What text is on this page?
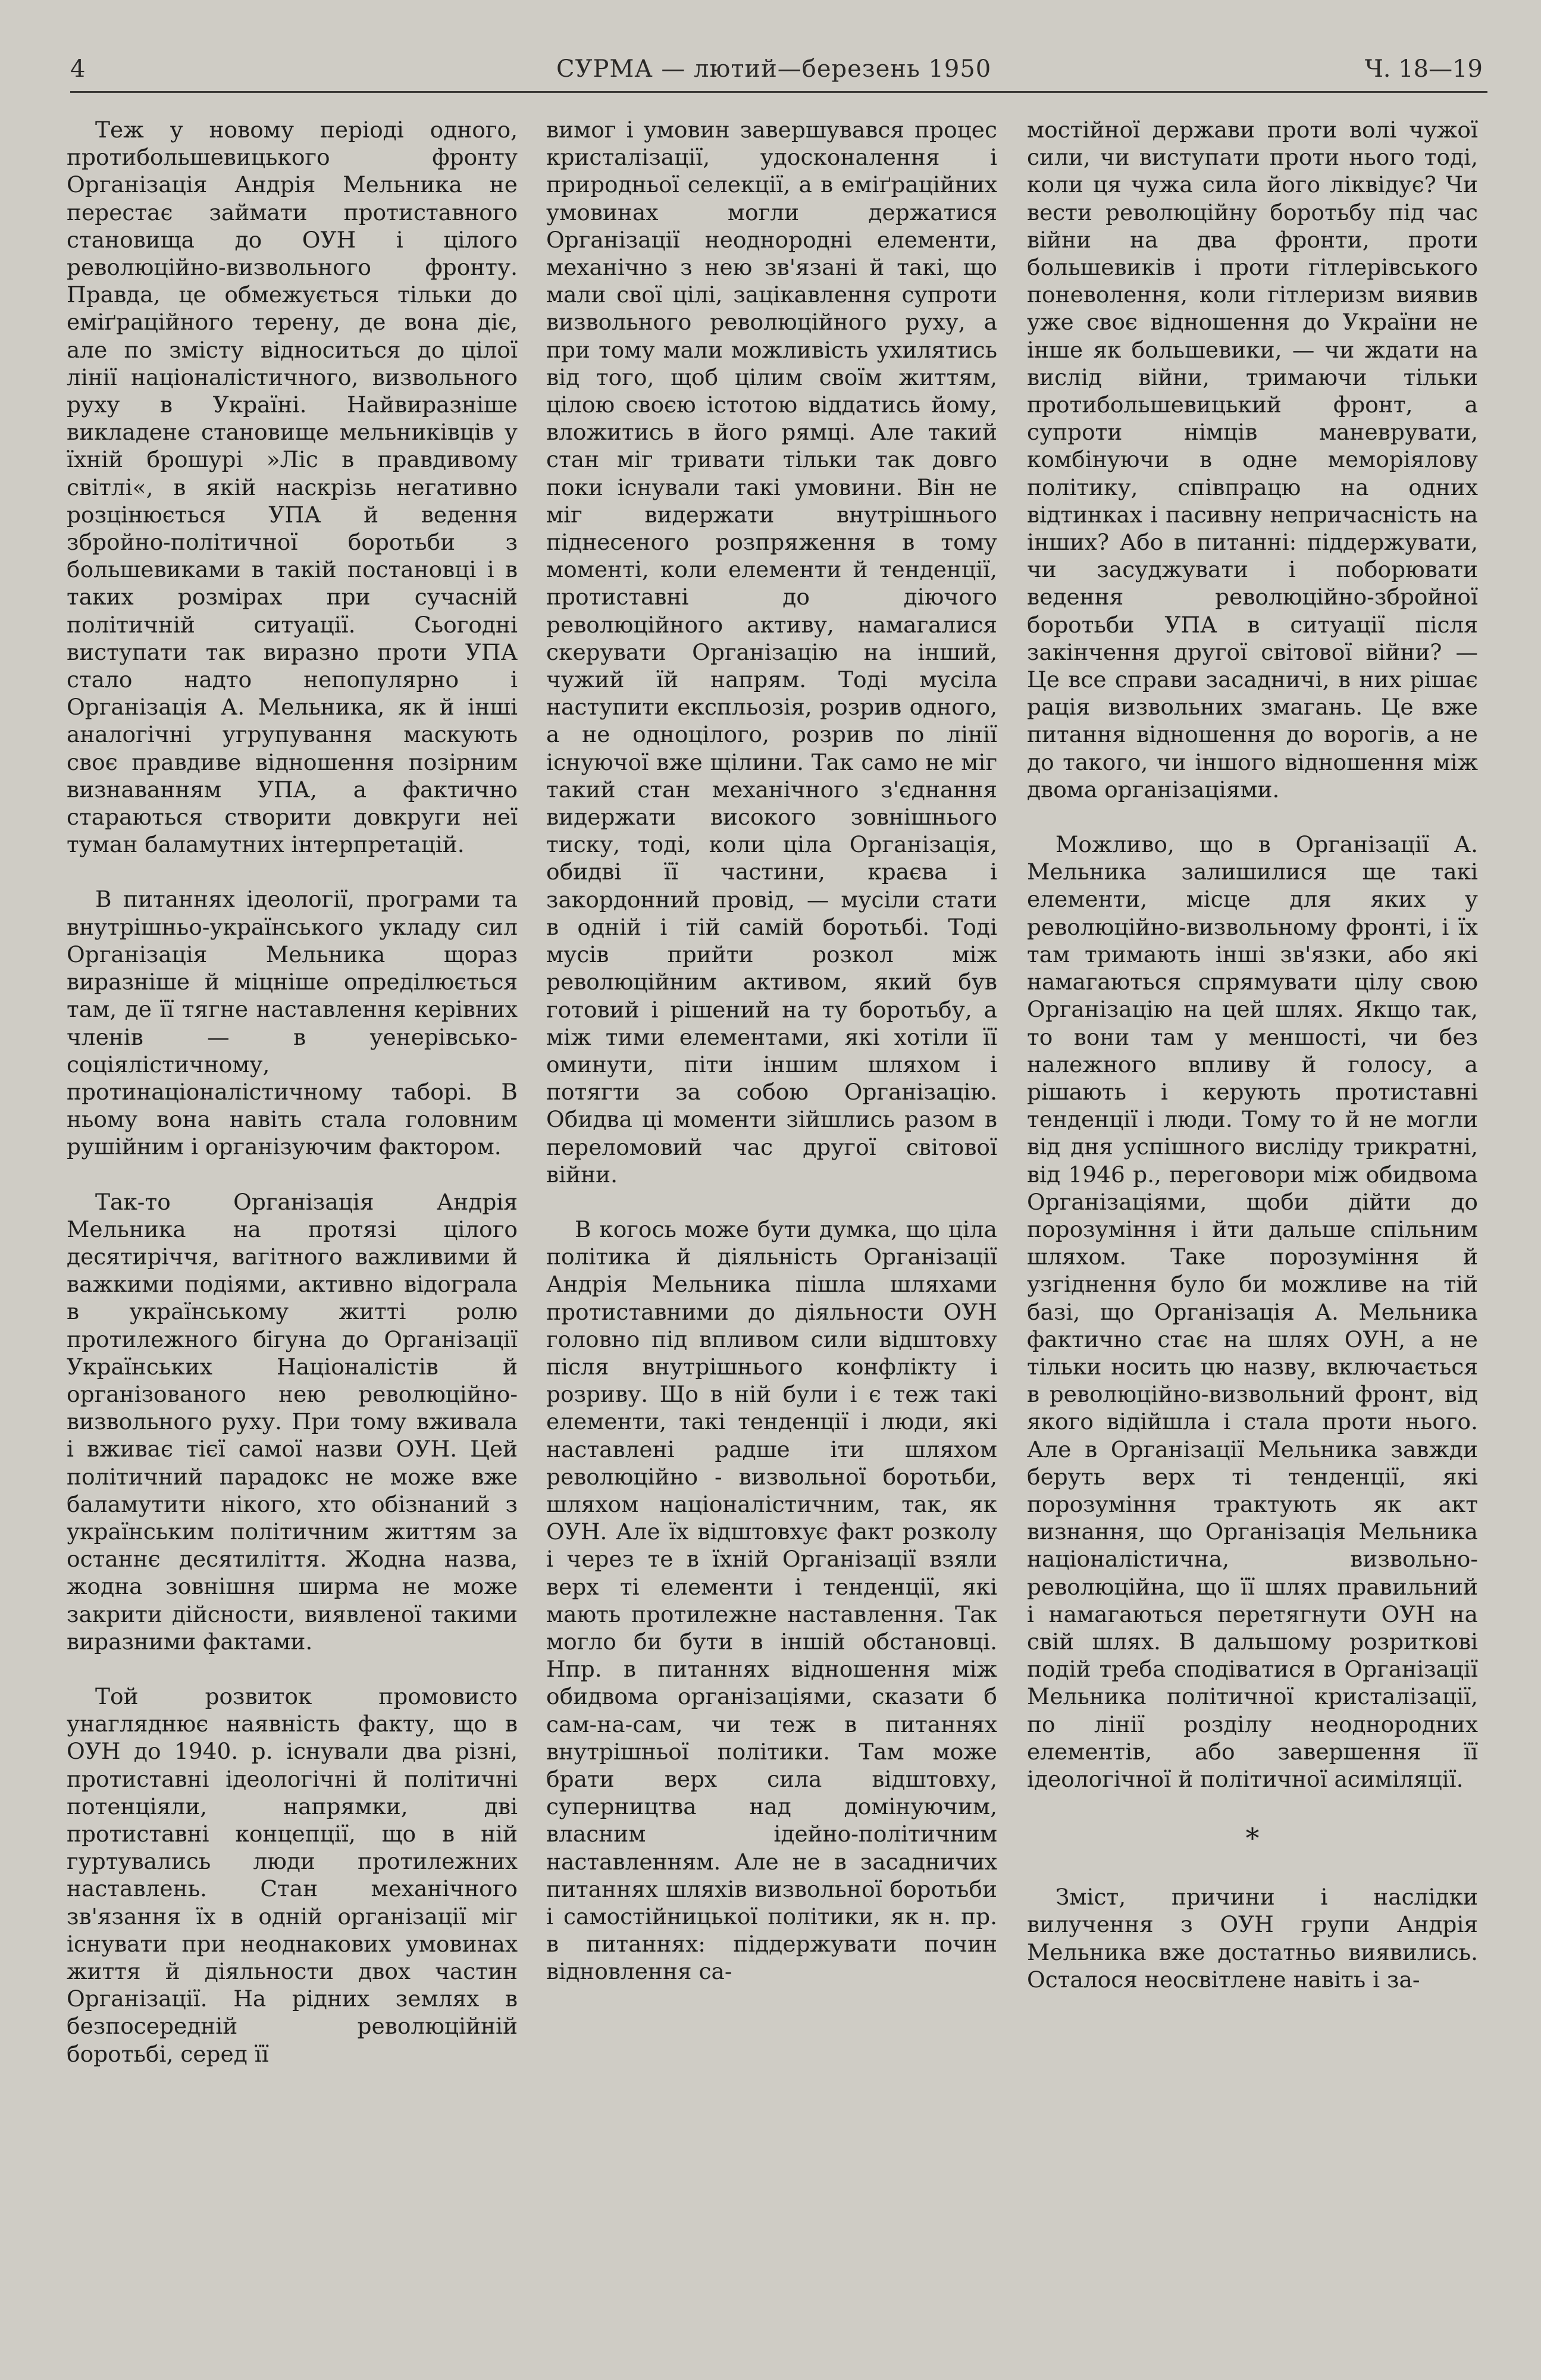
4	СУРМА — лютий—березень 1950	Ч. 18—19

Теж у новому періоді одного, протибольшевицького фронту Організація Андрія Мельника не перестає займати протиставного становища до ОУН і цілого революційно-визвольного фронту. Правда, це обмежується тільки до еміґраційного терену, де вона діє, але по змісту відноситься до цілої лінії націоналістичного, визвольного руху в Україні. Найвиразніше викладене становище мельниківців у їхній брошурі »Ліс в правдивому світлі«, в якій наскрізь негативно розцінюється УПА й ведення збройно-політичної боротьби з большевиками в такій постановці і в таких розмірах при сучасній політичній ситуації. Сьогодні виступати так виразно проти УПА стало надто непопулярно і Організація А. Мельника, як й інші аналогічні угрупування маскують своє правдиве відношення позірним визнаванням УПА, а фактично стараються створити довкруги неї туман баламутних інтерпретацій.

В питаннях ідеології, програми та внутрішньо-українського укладу сил Організація Мельника щораз виразніше й міцніше опреділюється там, де її тягне наставлення керівних членів — в уенерівсько-соціялістичному, протинаціоналістичному таборі. В ньому вона навіть стала головним рушійним і організуючим фактором.

Так-то Організація Андрія Мельника на протязі цілого десятиріччя, вагітного важливими й важкими подіями, активно відограла в українському житті ролю протилежного бігуна до Організації Українських Націоналістів й організованого нею революційно-визвольного руху. При тому вживала і вживає тієї самої назви ОУН. Цей політичний парадокс не може вже баламутити нікого, хто обізнаний з українським політичним життям за останнє десятиліття. Жодна назва, жодна зовнішня ширма не може закрити дійсности, виявленої такими виразними фактами.

Той розвиток промовисто унагляднює наявність факту, що в ОУН до 1940. р. існували два різні, протиставні ідеологічні й політичні потенціяли, напрямки, дві протиставні концепції, що в ній гуртувались люди протилежних наставлень. Стан механічного зв'язання їх в одній організації міг існувати при неоднакових умовинах життя й діяльности двох частин Організації. На рідних землях в безпосередній революційній боротьбі, серед її

вимог і умовин завершувався процес кристалізації, удосконалення і природньої селекції, а в еміґраційних умовинах могли держатися Організації неоднородні елементи, механічно з нею зв'язані й такі, що мали свої цілі, зацікавлення супроти визвольного революційного руху, а при тому мали можливість ухилятись від того, щоб цілим своїм життям, цілою своєю істотою віддатись йому, вложитись в його рямці. Але такий стан міг тривати тільки так довго поки існували такі умовини. Він не міг видержати внутрішнього піднесеного розпряження в тому моменті, коли елементи й тенденції, протиставні до діючого революційного активу, намагалися скерувати Організацію на інший, чужий їй напрям. Тоді мусіла наступити експльозія, розрив одного, а не одноцілого, розрив по лінії існуючої вже щілини. Так само не міг такий стан механічного з'єднання видержати високого зовнішнього тиску, тоді, коли ціла Організація, обидві її частини, краєва і закордонний провід, — мусіли стати в одній і тій самій боротьбі. Тоді мусів прийти розкол між революційним активом, який був готовий і рішений на ту боротьбу, а між тими елементами, які хотіли її оминути, піти іншим шляхом і потягти за собою Організацію. Обидва ці моменти зійшлись разом в переломовий час другої світової війни.

В когось може бути думка, що ціла політика й діяльність Організації Андрія Мельника пішла шляхами протиставними до діяльности ОУН головно під впливом сили відштовху після внутрішнього конфлікту і розриву. Що в ній були і є теж такі елементи, такі тенденції і люди, які наставлені радше іти шляхом революційно - визвольної боротьби, шляхом націоналістичним, так, як ОУН. Але їх відштовхує факт розколу і через те в їхній Організації взяли верх ті елементи і тенденції, які мають протилежне наставлення. Так могло би бути в іншій обстановці. Нпр. в питаннях відношення між обидвома організаціями, сказати б сам-на-сам, чи теж в питаннях внутрішньої політики. Там може брати верх сила відштовху, суперництва над домінуючим, власним ідейно-політичним наставленням. Але не в засадничих питаннях шляхів визвольної боротьби і самостійницької політики, як н. пр. в питаннях: піддержувати почин відновлення са-

мостійної держави проти волі чужої сили, чи виступати проти нього тоді, коли ця чужа сила його ліквідує? Чи вести революційну боротьбу під час війни на два фронти, проти большевиків і проти гітлерівського поневолення, коли гітлеризм виявив уже своє відношення до України не інше як большевики, — чи ждати на вислід війни, тримаючи тільки протибольшевицький фронт, а супроти німців маневрувати, комбінуючи в одне меморіялову політику, співпрацю на одних відтинках і пасивну непричасність на інших? Або в питанні: піддержувати, чи засуджувати і поборювати ведення революційно-збройної боротьби УПА в ситуації після закінчення другої світової війни? — Це все справи засадничі, в них рішає рація визвольних змагань. Це вже питання відношення до ворогів, а не до такого, чи іншого відношення між двома організаціями.

Можливо, що в Організації А. Мельника залишилися ще такі елементи, місце для яких у революційно-визвольному фронті, і їх там тримають інші зв'язки, або які намагаються спрямувати цілу свою Організацію на цей шлях. Якщо так, то вони там у меншості, чи без належного впливу й голосу, а рішають і керують протиставні тенденції і люди. Тому то й не могли від дня успішного висліду трикратні, від 1946 р., переговори між обидвома Організаціями, щоби дійти до порозуміння і йти дальше спільним шляхом. Таке порозуміння й узгіднення було би можливе на тій базі, що Організація А. Мельника фактично стає на шлях ОУН, а не тільки носить цю назву, включається в революційно-визвольний фронт, від якого відійшла і стала проти нього. Але в Організації Мельника завжди беруть верх ті тенденції, які порозуміння трактують як акт визнання, що Організація Мельника націоналістична, визвольно-революційна, що її шлях правильний і намагаються перетягнути ОУН на свій шлях. В дальшому розриткові подій треба сподіватися в Організації Мельника політичної кристалізації, по лінії розділу неоднородних елементів, або завершення її ідеологічної й політичної асиміляції.

*

Зміст, причини і наслідки вилучення з ОУН групи Андрія Мельника вже достатньо виявились. Осталося неосвітлене навіть і за-
